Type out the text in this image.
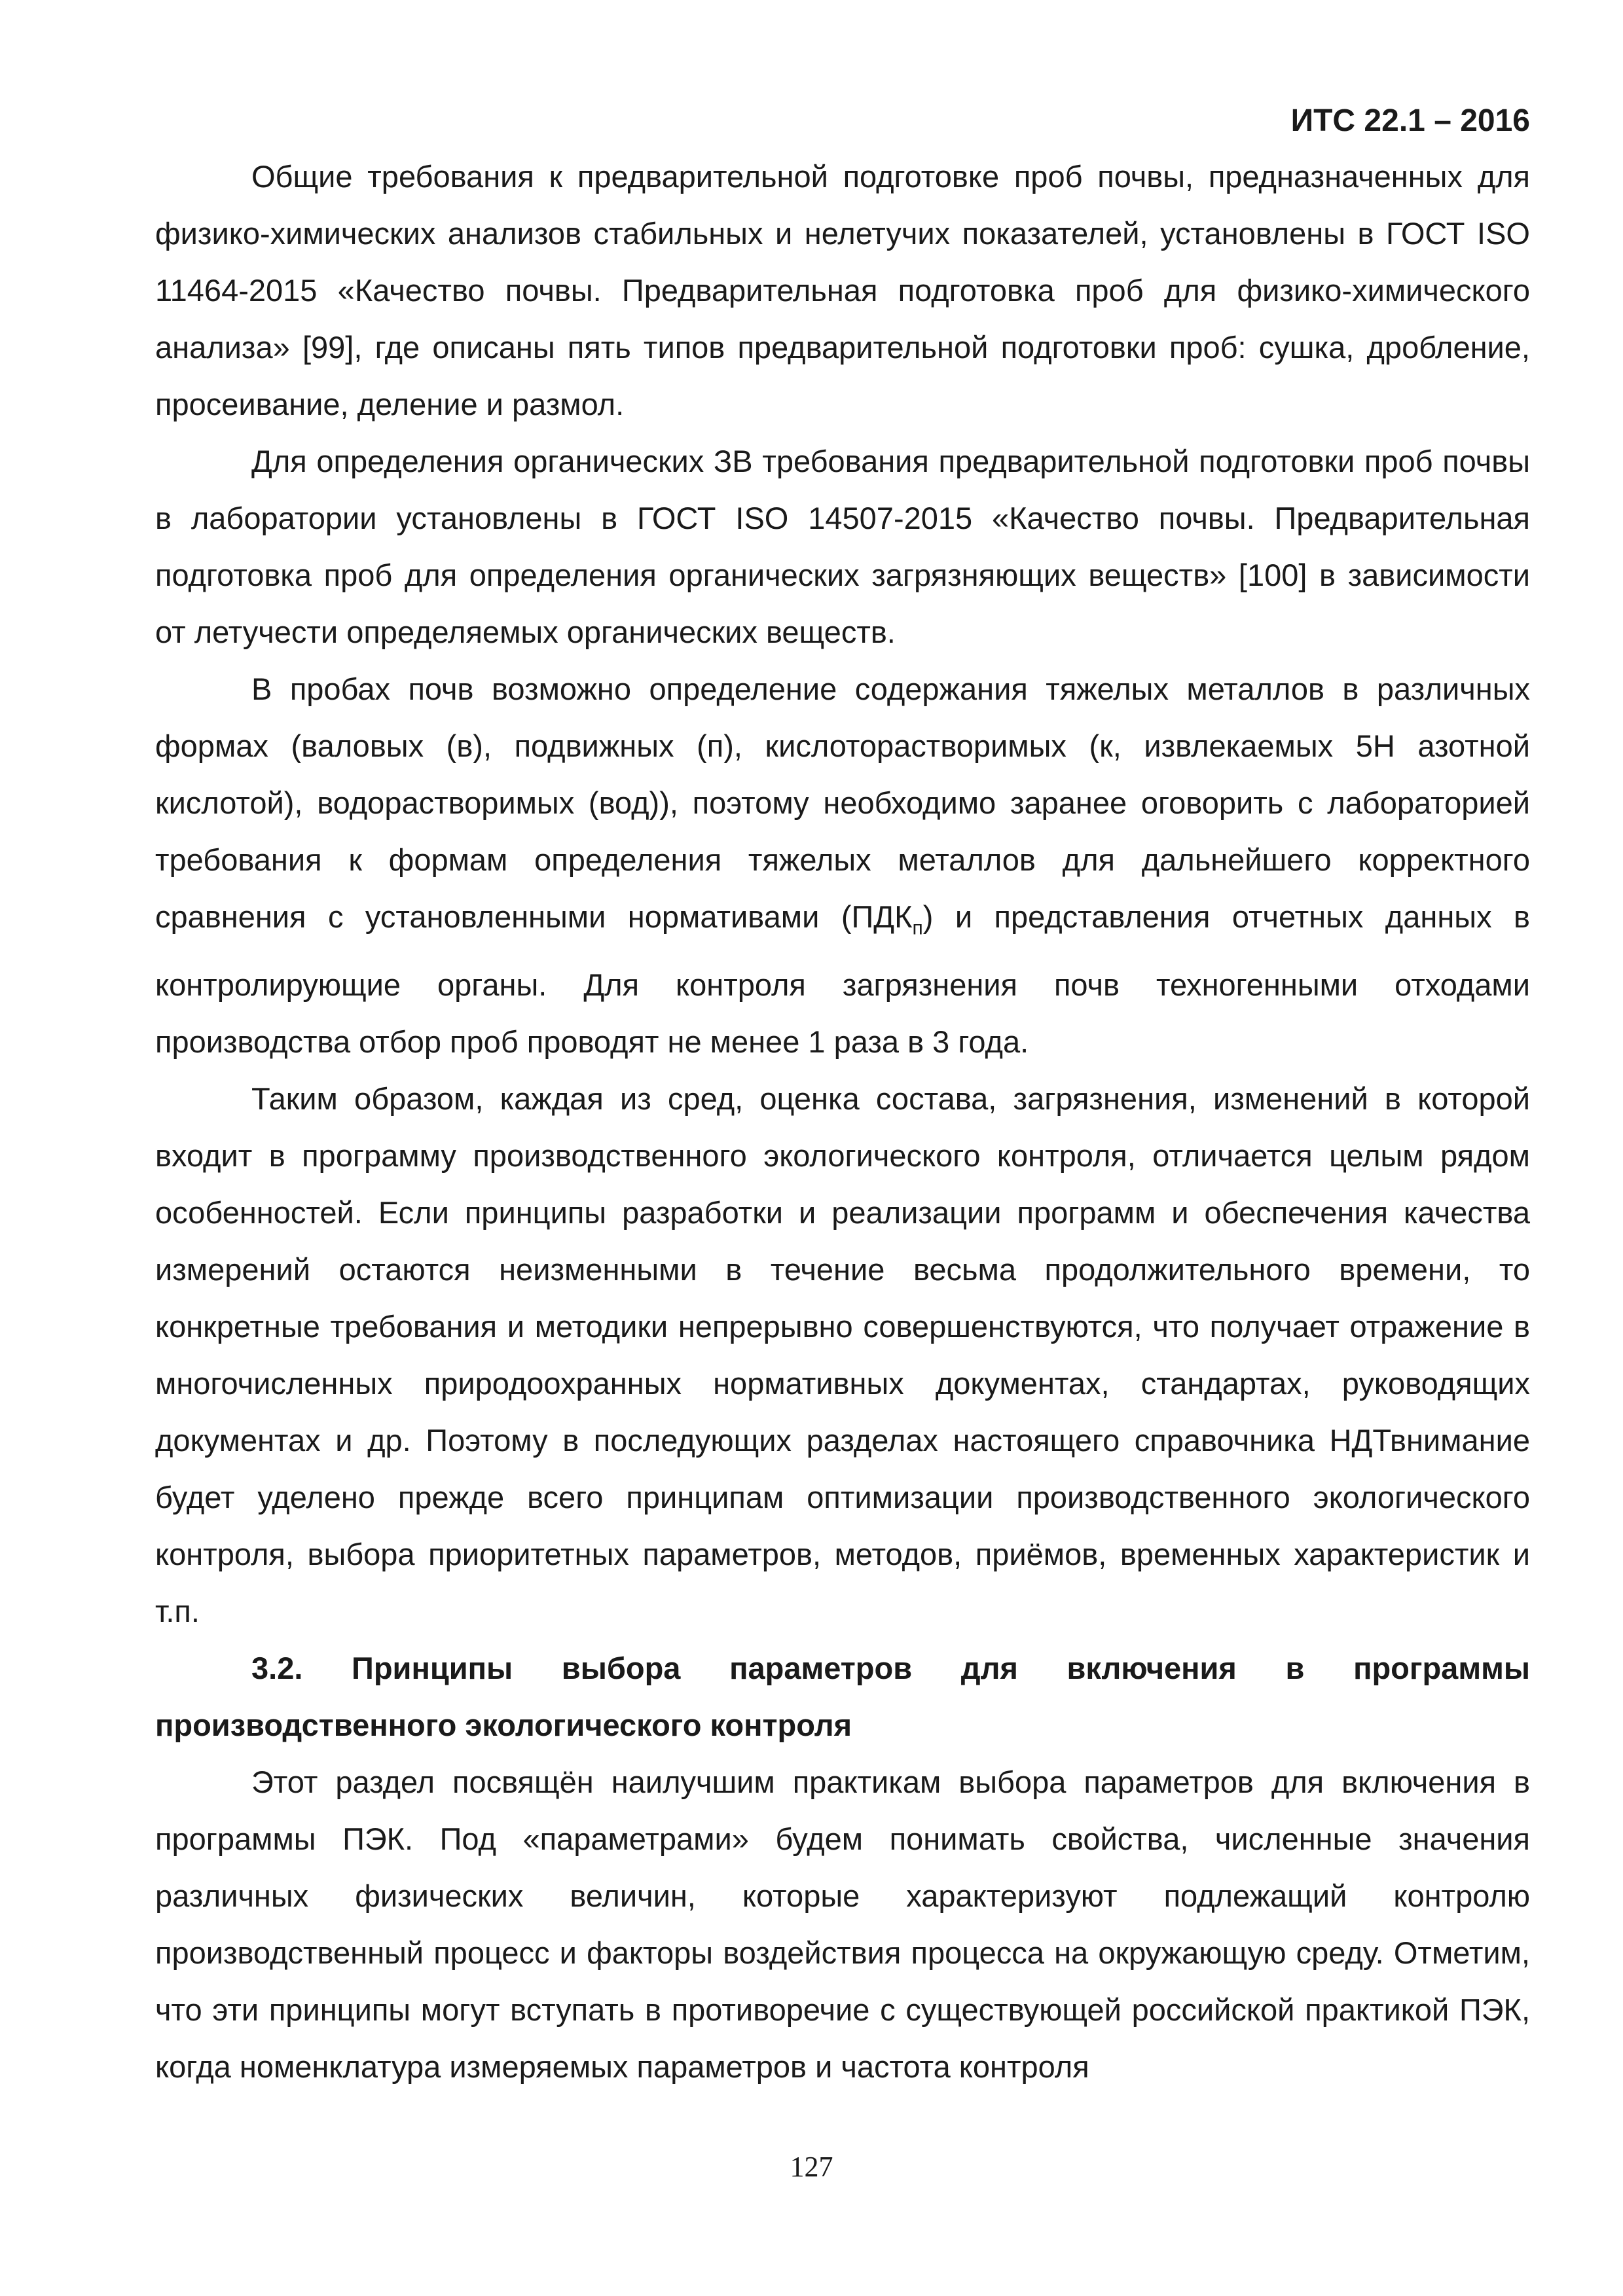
ИТС 22.1 – 2016

Общие требования к предварительной подготовке проб почвы, предназначенных для физико-химических анализов стабильных и нелетучих показателей, установлены в ГОСТ ISO 11464-2015 «Качество почвы. Предварительная подготовка проб для физико-химического анализа» [99], где описаны пять типов предварительной подготовки проб: сушка, дробление, просеивание, деление и размол.

Для определения органических ЗВ требования предварительной подготовки проб почвы в лаборатории установлены в ГОСТ ISO 14507-2015 «Качество почвы. Предварительная подготовка проб для определения органических загрязняющих веществ» [100] в зависимости от летучести определяемых органических веществ.

В пробах почв возможно определение содержания тяжелых металлов в различных формах (валовых (в), подвижных (п), кислоторастворимых (к, извлекаемых 5Н азотной кислотой), водорастворимых (вод)), поэтому необходимо заранее оговорить с лабораторией требования к формам определения тяжелых металлов для дальнейшего корректного сравнения с установленными нормативами $(ПДК_п)$ и представления отчетных данных в контролирующие органы. Для контроля загрязнения почв техногенными отходами производства отбор проб проводят не менее 1 раза в 3 года.

Таким образом, каждая из сред, оценка состава, загрязнения, изменений в которой входит в программу производственного экологического контроля, отличается целым рядом особенностей. Если принципы разработки и реализации программ и обеспечения качества измерений остаются неизменными в течение весьма продолжительного времени, то конкретные требования и методики непрерывно совершенствуются, что получает отражение в многочисленных природоохранных нормативных документах, стандартах, руководящих документах и др. Поэтому в последующих разделах настоящего справочника НДТвнимание будет уделено прежде всего принципам оптимизации производственного экологического контроля, выбора приоритетных параметров, методов, приёмов, временных характеристик и т.п.

3.2. Принципы выбора параметров для включения в программы производственного экологического контроля

Этот раздел посвящён наилучшим практикам выбора параметров для включения в программы ПЭК. Под «параметрами» будем понимать свойства, численные значения различных физических величин, которые характеризуют подлежащий контролю производственный процесс и факторы воздействия процесса на окружающую среду. Отметим, что эти принципы могут вступать в противоречие с существующей российской практикой ПЭК, когда номенклатура измеряемых параметров и частота контроля

127
